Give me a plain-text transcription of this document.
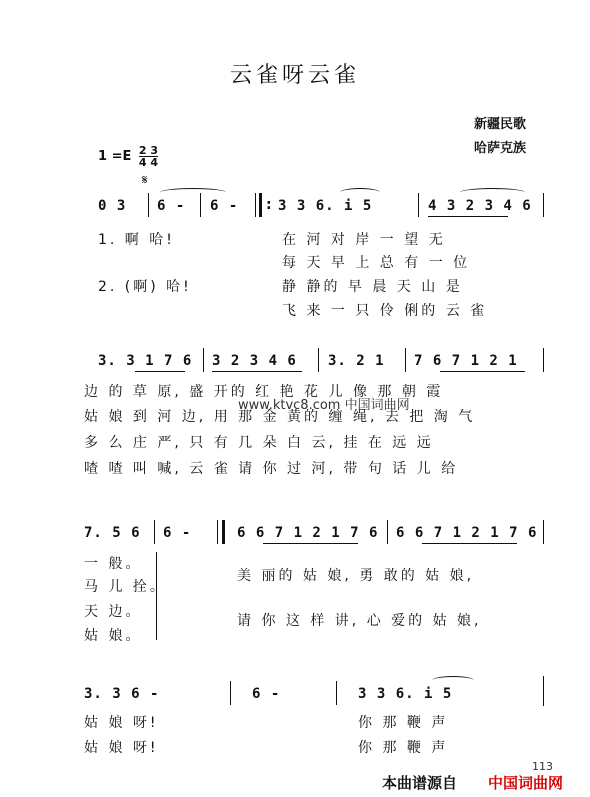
云雀呀云雀
新疆民歌
哈萨克族
$1 =E \frac{2 3}{4 4}$
𝄋
0 3 6 - 6 - : 3 3 6. i 5	4 3 2 3 4 6
1. 啊 哈!	在 河 对 岸 一 望 无
每 天 早 上 总 有 一 位
2. (啊) 哈!	静 静的 早 晨 天 山 是
飞 来 一 只 伶 俐的 云 雀
3. 3 1 7 6 3 2 3 4 6 3. 2 1 7 6 7 1 2 1
边 的 草 原, 盛 开的 红 艳 花 儿 像 那 朝 霞
姑 娘 到 河 边, 用 那 金 黄的 缠 绳, 去 把 淘 气
多 么 庄 严, 只 有 几 朵 白 云, 挂 在 远 远
喳 喳 叫 喊, 云 雀 请 你 过 河, 带 句 话 儿 给
www.ktvc8.com 中国词曲网
7. 5 6 6 -	6 6 7 1 2 1 7 6 6 6 7 1 2 1 7 6
一 般。
马 儿 拴。
天 边。
姑 娘。
美 丽的 姑 娘, 勇 敢的 姑 娘,
请 你 这 样 讲, 心 爱的 姑 娘,
3. 3 6 -	6 -	3 3 6. i 5
姑 娘 呀!	你 那 鞭 声
姑 娘 呀!	你 那 鞭 声
113
本曲谱源自 中国词曲网
